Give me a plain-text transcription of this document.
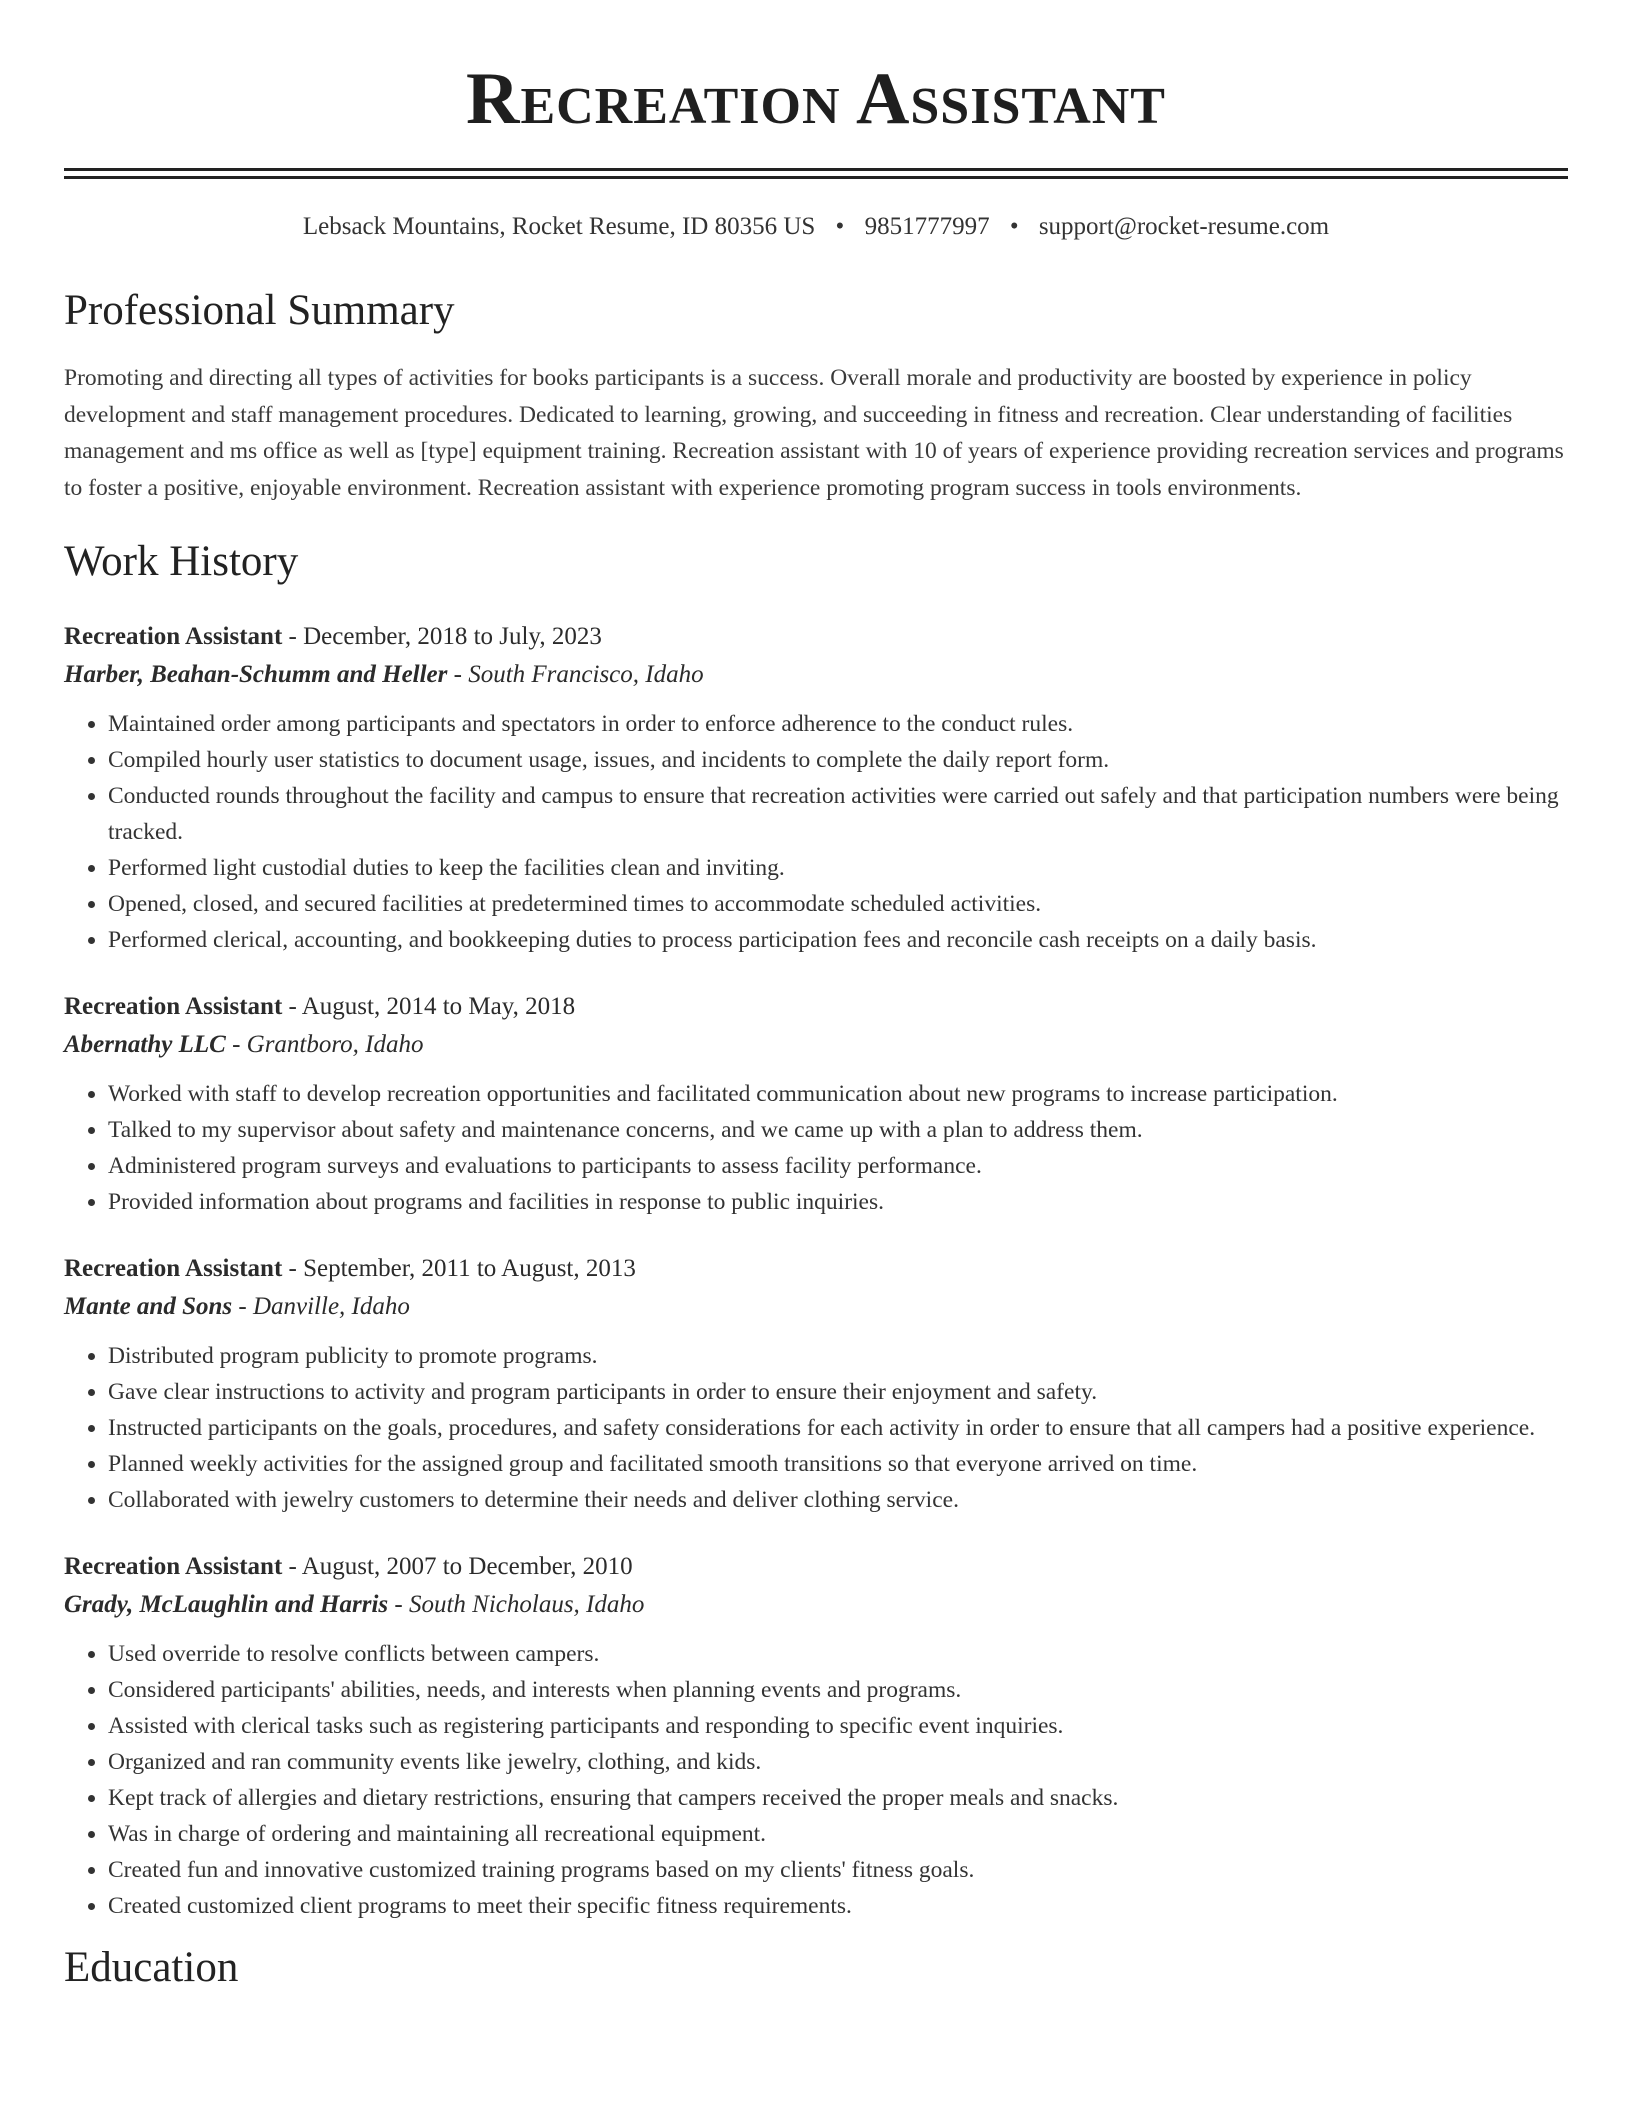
Recreation Assistant
Lebsack Mountains, Rocket Resume, ID 80356 US • 9851777997 • support@rocket-resume.com
Professional Summary

Promoting and directing all types of activities for books participants is a success. Overall morale and productivity are boosted by experience in policy development and staff management procedures. Dedicated to learning, growing, and succeeding in fitness and recreation. Clear understanding of facilities management and ms office as well as [type] equipment training. Recreation assistant with 10 of years of experience providing recreation services and programs to foster a positive, enjoyable environment. Recreation assistant with experience promoting program success in tools environments.

Work History
Recreation Assistant - December, 2018 to July, 2023
Harber, Beahan-Schumm and Heller - South Francisco, Idaho
• Maintained order among participants and spectators in order to enforce adherence to the conduct rules.
• Compiled hourly user statistics to document usage, issues, and incidents to complete the daily report form.
• Conducted rounds throughout the facility and campus to ensure that recreation activities were carried out safely and that participation numbers were being tracked.
• Performed light custodial duties to keep the facilities clean and inviting.
• Opened, closed, and secured facilities at predetermined times to accommodate scheduled activities.
• Performed clerical, accounting, and bookkeeping duties to process participation fees and reconcile cash receipts on a daily basis.
Recreation Assistant - August, 2014 to May, 2018
Abernathy LLC - Grantboro, Idaho
• Worked with staff to develop recreation opportunities and facilitated communication about new programs to increase participation.
• Talked to my supervisor about safety and maintenance concerns, and we came up with a plan to address them.
• Administered program surveys and evaluations to participants to assess facility performance.
• Provided information about programs and facilities in response to public inquiries.
Recreation Assistant - September, 2011 to August, 2013
Mante and Sons - Danville, Idaho
• Distributed program publicity to promote programs.
• Gave clear instructions to activity and program participants in order to ensure their enjoyment and safety.
• Instructed participants on the goals, procedures, and safety considerations for each activity in order to ensure that all campers had a positive experience.
• Planned weekly activities for the assigned group and facilitated smooth transitions so that everyone arrived on time.
• Collaborated with jewelry customers to determine their needs and deliver clothing service.
Recreation Assistant - August, 2007 to December, 2010
Grady, McLaughlin and Harris - South Nicholaus, Idaho
• Used override to resolve conflicts between campers.
• Considered participants' abilities, needs, and interests when planning events and programs.
• Assisted with clerical tasks such as registering participants and responding to specific event inquiries.
• Organized and ran community events like jewelry, clothing, and kids.
• Kept track of allergies and dietary restrictions, ensuring that campers received the proper meals and snacks.
• Was in charge of ordering and maintaining all recreational equipment.
• Created fun and innovative customized training programs based on my clients' fitness goals.
• Created customized client programs to meet their specific fitness requirements.
Education
